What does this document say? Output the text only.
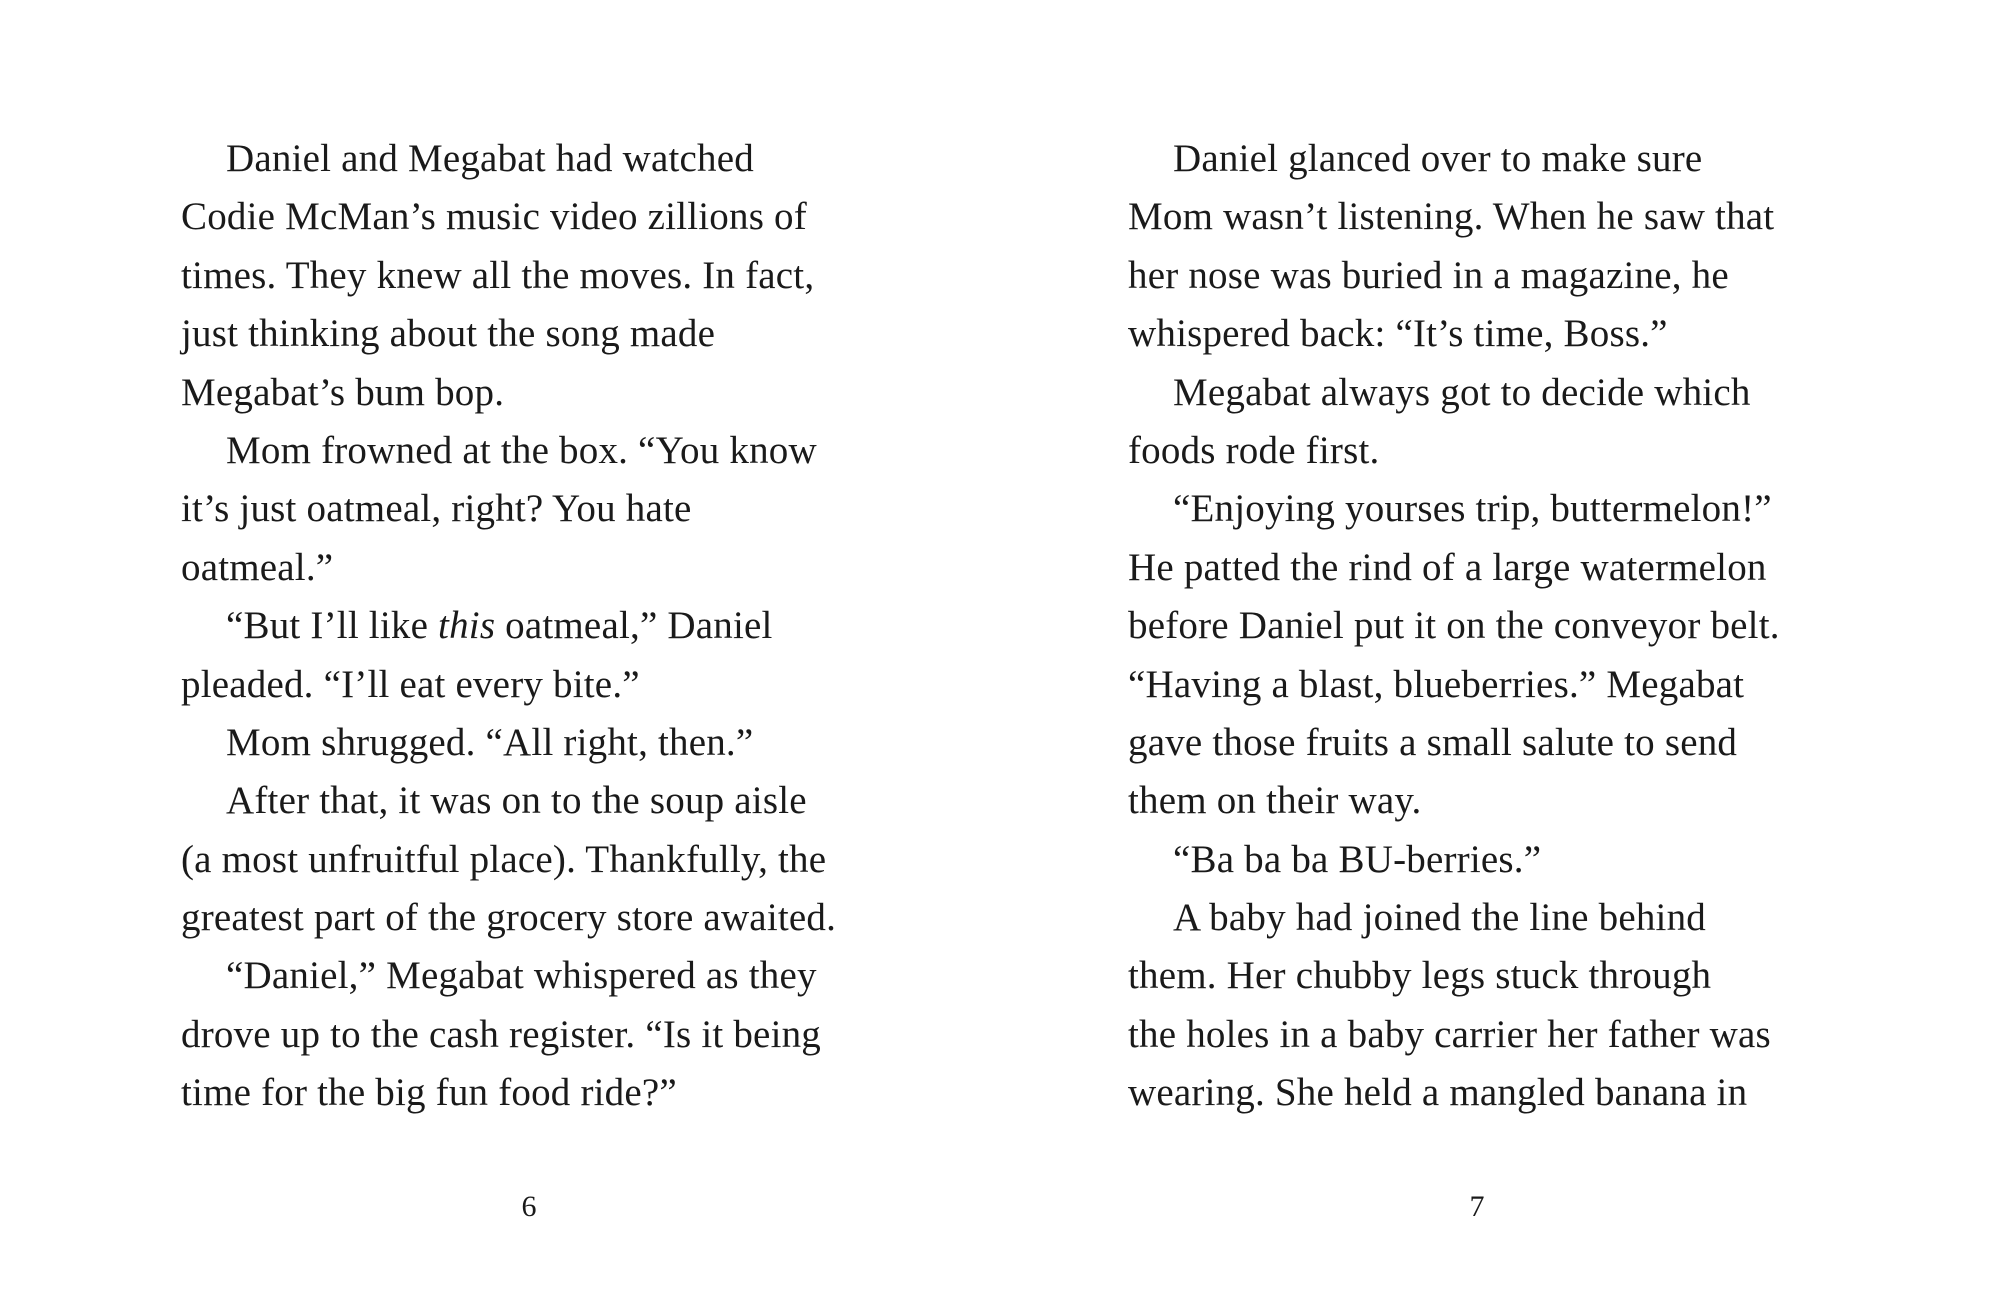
Daniel and Megabat had watched
Codie McMan’s music video zillions of
times. They knew all the moves. In fact,
just thinking about the song made
Megabat’s bum bop.
Mom frowned at the box. “You know
it’s just oatmeal, right? You hate
oatmeal.”
“But I’ll like this oatmeal,” Daniel
pleaded. “I’ll eat every bite.”
Mom shrugged. “All right, then.”
After that, it was on to the soup aisle
(a most unfruitful place). Thankfully, the
greatest part of the grocery store awaited.
“Daniel,” Megabat whispered as they
drove up to the cash register. “Is it being
time for the big fun food ride?”
Daniel glanced over to make sure
Mom wasn’t listening. When he saw that
her nose was buried in a magazine, he
whispered back: “It’s time, Boss.”
Megabat always got to decide which
foods rode first.
“Enjoying yourses trip, buttermelon!”
He patted the rind of a large watermelon
before Daniel put it on the conveyor belt.
“Having a blast, blueberries.” Megabat
gave those fruits a small salute to send
them on their way.
“Ba ba ba BU-berries.”
A baby had joined the line behind
them. Her chubby legs stuck through
the holes in a baby carrier her father was
wearing. She held a mangled banana in
6	7
